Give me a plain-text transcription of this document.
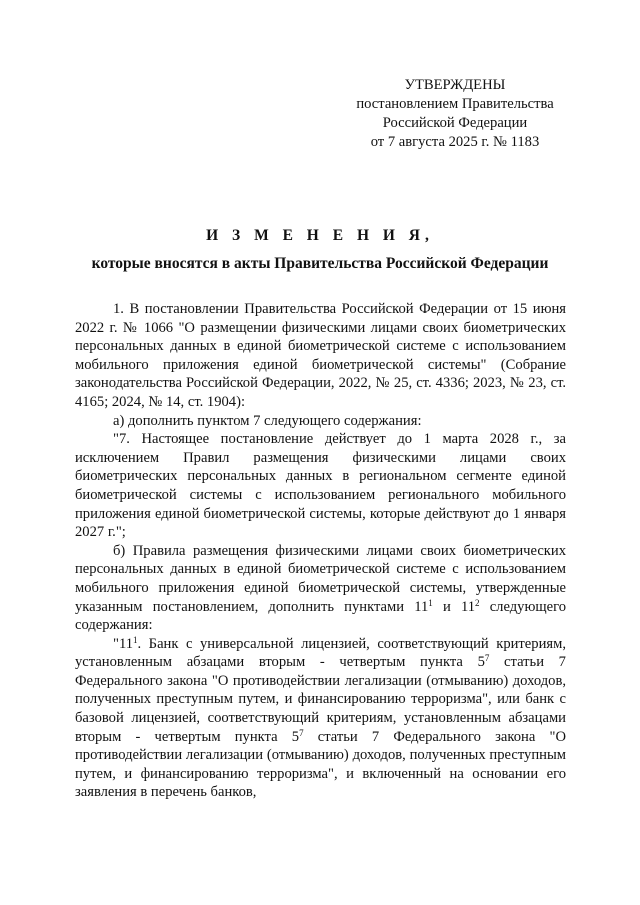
УТВЕРЖДЕНЫ
постановлением Правительства
Российской Федерации
от 7 августа 2025 г. № 1183
И З М Е Н Е Н И Я,
которые вносятся в акты Правительства Российской Федерации

1. В постановлении Правительства Российской Федерации от 15 июня 2022 г. № 1066 "О размещении физическими лицами своих биометрических персональных данных в единой биометрической системе с использованием мобильного приложения единой биометрической системы" (Собрание законодательства Российской Федерации, 2022, № 25, ст. 4336; 2023, № 23, ст. 4165; 2024, № 14, ст. 1904):

а) дополнить пунктом 7 следующего содержания:

"7. Настоящее постановление действует до 1 марта 2028 г., за исключением Правил размещения физическими лицами своих биометрических персональных данных в региональном сегменте единой биометрической системы с использованием регионального мобильного приложения единой биометрической системы, которые действуют до 1 января 2027 г.";

б) Правила размещения физическими лицами своих биометрических персональных данных в единой биометрической системе с использованием мобильного приложения единой биометрической системы, утвержденные указанным постановлением, дополнить пунктами $11^1$ и $11^2$ следующего содержания:

"$11^1$. Банк с универсальной лицензией, соответствующий критериям, установленным абзацами вторым - четвертым пункта $5^7$ статьи 7 Федерального закона "О противодействии легализации (отмыванию) доходов, полученных преступным путем, и финансированию терроризма", или банк с базовой лицензией, соответствующий критериям, установленным абзацами вторым - четвертым пункта $5^7$ статьи 7 Федерального закона "О противодействии легализации (отмыванию) доходов, полученных преступным путем, и финансированию терроризма", и включенный на основании его заявления в перечень банков,
